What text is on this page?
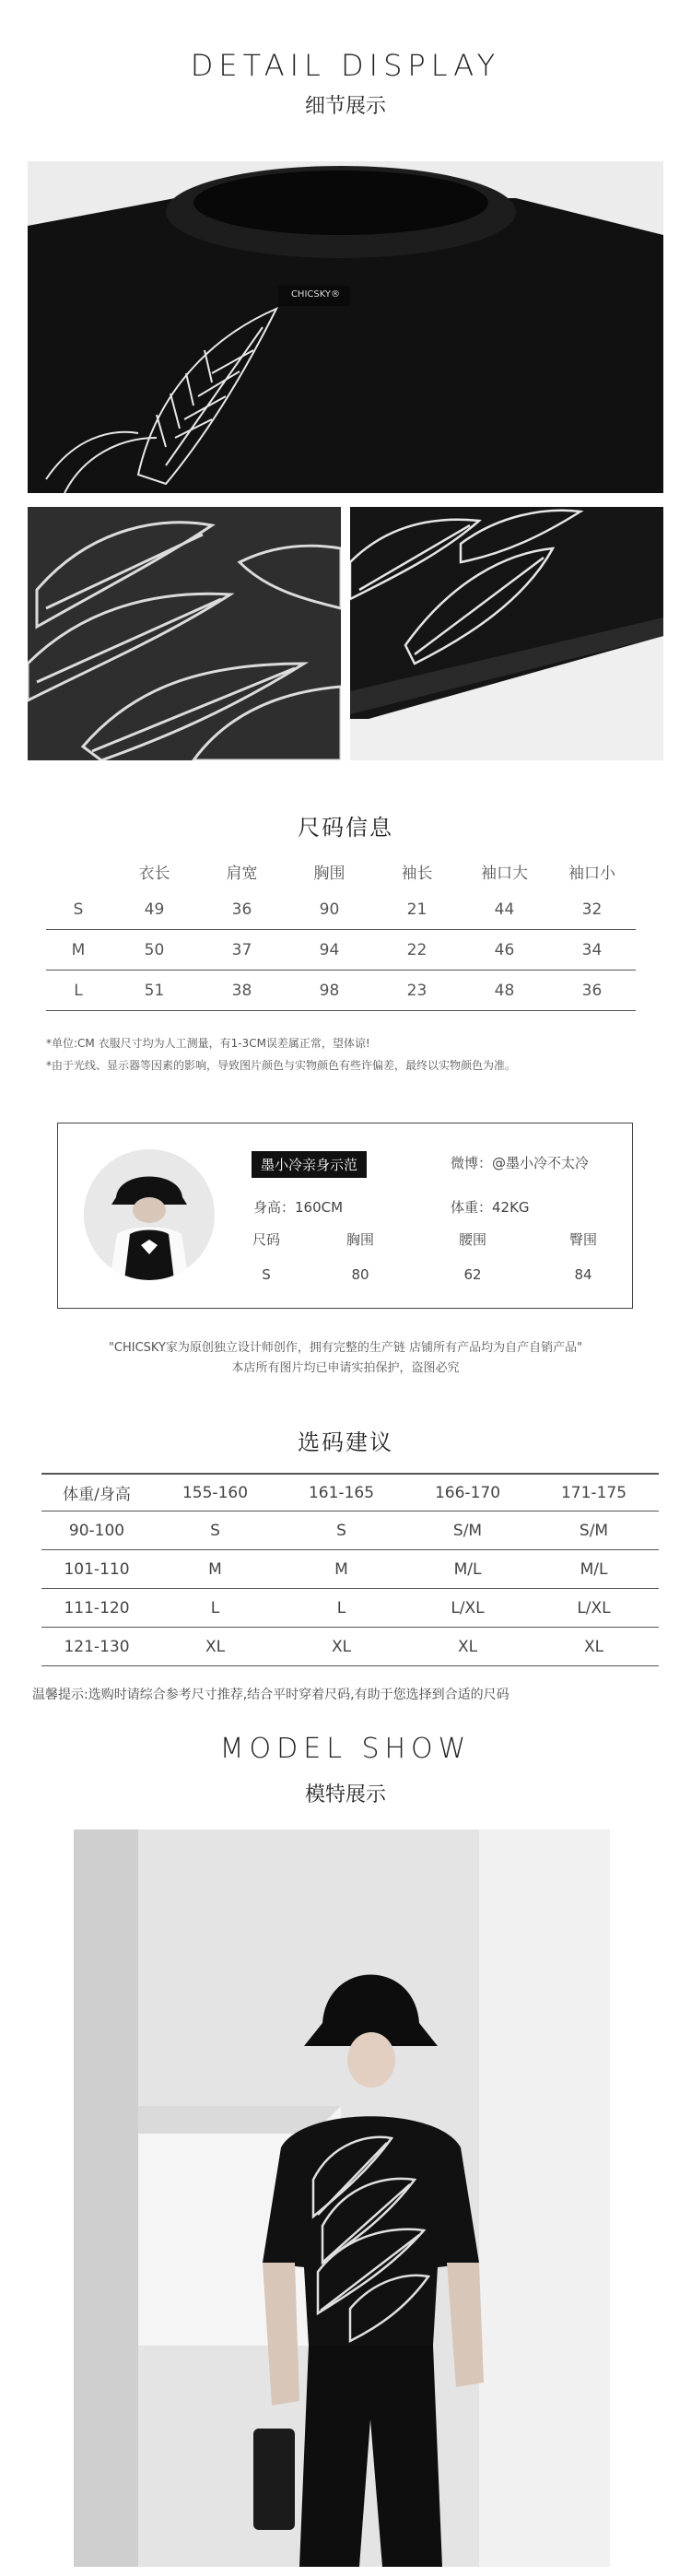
DETAIL DISPLAY
细节展示
CHICSKY®
尺码信息
衣长	肩宽	胸围	袖长	袖口大	袖口小
S	49	36	90	21	44	32
M	50	37	94	22	46	34
L	51	38	98	23	48	36
*单位:CM 衣服尺寸均为人工测量，有1-3CM误差属正常，望体谅!
*由于光线、显示器等因素的影响，导致图片颜色与实物颜色有些许偏差，最终以实物颜色为准。
墨小冷亲身示范	微博：@墨小冷不太冷
身高：160CM	体重：42KG
尺码	胸围	腰围	臀围
S	80	62	84
"CHICSKY家为原创独立设计师创作，拥有完整的生产链 店铺所有产品均为自产自销产品"
本店所有图片均已申请实拍保护，盗图必究
选码建议
体重/身高	155-160	161-165	166-170	171-175
90-100	S	S	S/M	S/M
101-110	M	M	M/L	M/L
111-120	L	L	L/XL	L/XL
121-130	XL	XL	XL	XL
温馨提示:选购时请综合参考尺寸推荐,结合平时穿着尺码,有助于您选择到合适的尺码
MODEL SHOW
模特展示
